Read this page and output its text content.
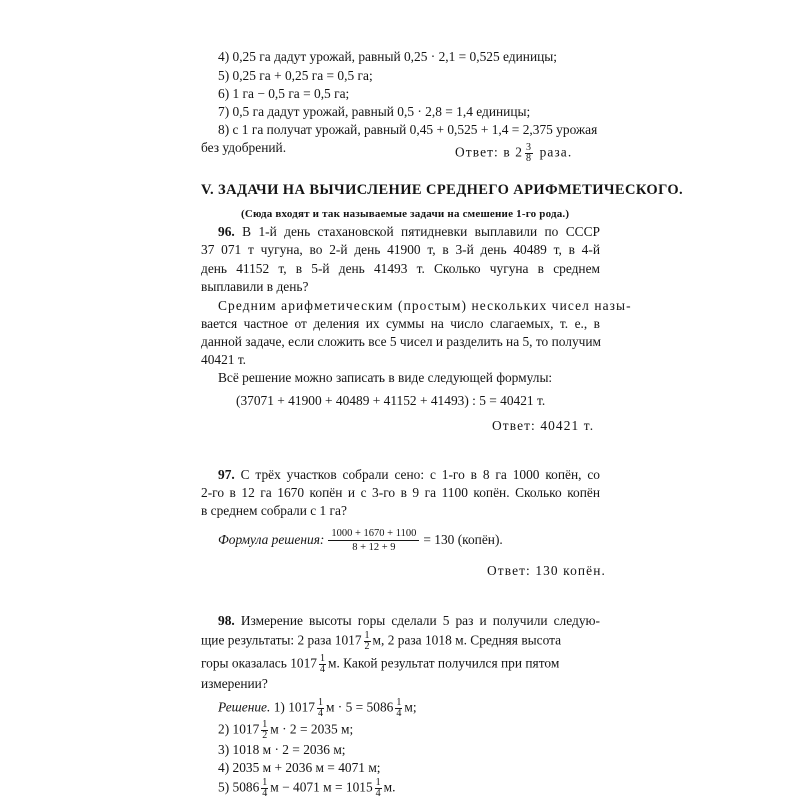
4) 0,25 га дадут урожай, равный 0,25 · 2,1 = 0,525 единицы;
5) 0,25 га + 0,25 га = 0,5 га;
6) 1 га − 0,5 га = 0,5 га;
7) 0,5 га дадут урожай, равный 0,5 · 2,8 = 1,4 единицы;
8) с 1 га получат урожай, равный 0,45 + 0,525 + 1,4 = 2,375 урожая
без удобрений.	Ответ: в $2 \frac{3}{8}$ раза.
V. ЗАДАЧИ НА ВЫЧИСЛЕНИЕ СРЕДНЕГО АРИФМЕТИЧЕСКОГО.
(Сюда входят и так называемые задачи на смешение 1-го рода.)
96. В 1-й день стахановской пятидневки выплавили по СССР
37 071 т чугуна, во 2-й день 41900 т, в 3-й день 40489 т, в 4-й
день 41152 т, в 5-й день 41493 т. Сколько чугуна в среднем
выплавили в день?
Средним арифметическим (простым) нескольких чисел назы-
вается частное от деления их суммы на число слагаемых, т. е., в
данной задаче, если сложить все 5 чисел и разделить на 5, то получим
40421 т.
Всё решение можно записать в виде следующей формулы:
(37071 + 41900 + 40489 + 41152 + 41493) : 5 = 40421 т.
Ответ: 40421 т.
97. С трёх участков собрали сено: с 1-го в 8 га 1000 копён, со
2-го в 12 га 1670 копён и с 3-го в 9 га 1100 копён. Сколько копён
в среднем собрали с 1 га?
Формула решения: $\frac{1000 + 1670 + 1100}{8 + 12 + 9} = 130$ (копён).
Ответ: 130 копён.
98. Измерение высоты горы сделали 5 раз и получили следую-
щие результаты: 2 раза $1017 \frac{1}{2} м$, 2 раза 1018 м. Средняя высота
горы оказалась $1017 \frac{1}{4} м$. Какой результат получился при пятом
измерении?
Решение. 1) $1017 \frac{1}{4}$ $м \cdot 5 = 5086 \frac{1}{4} м$;
2) $1017 \frac{1}{2}$ м · 2 = 2035 м;
3) 1018 м · 2 = 2036 м;
4) 2035 м + 2036 м = 4071 м;
5) $5086 \frac{1}{4}$ м − 4071 $м = 1015 \frac{1}{4} м$.
